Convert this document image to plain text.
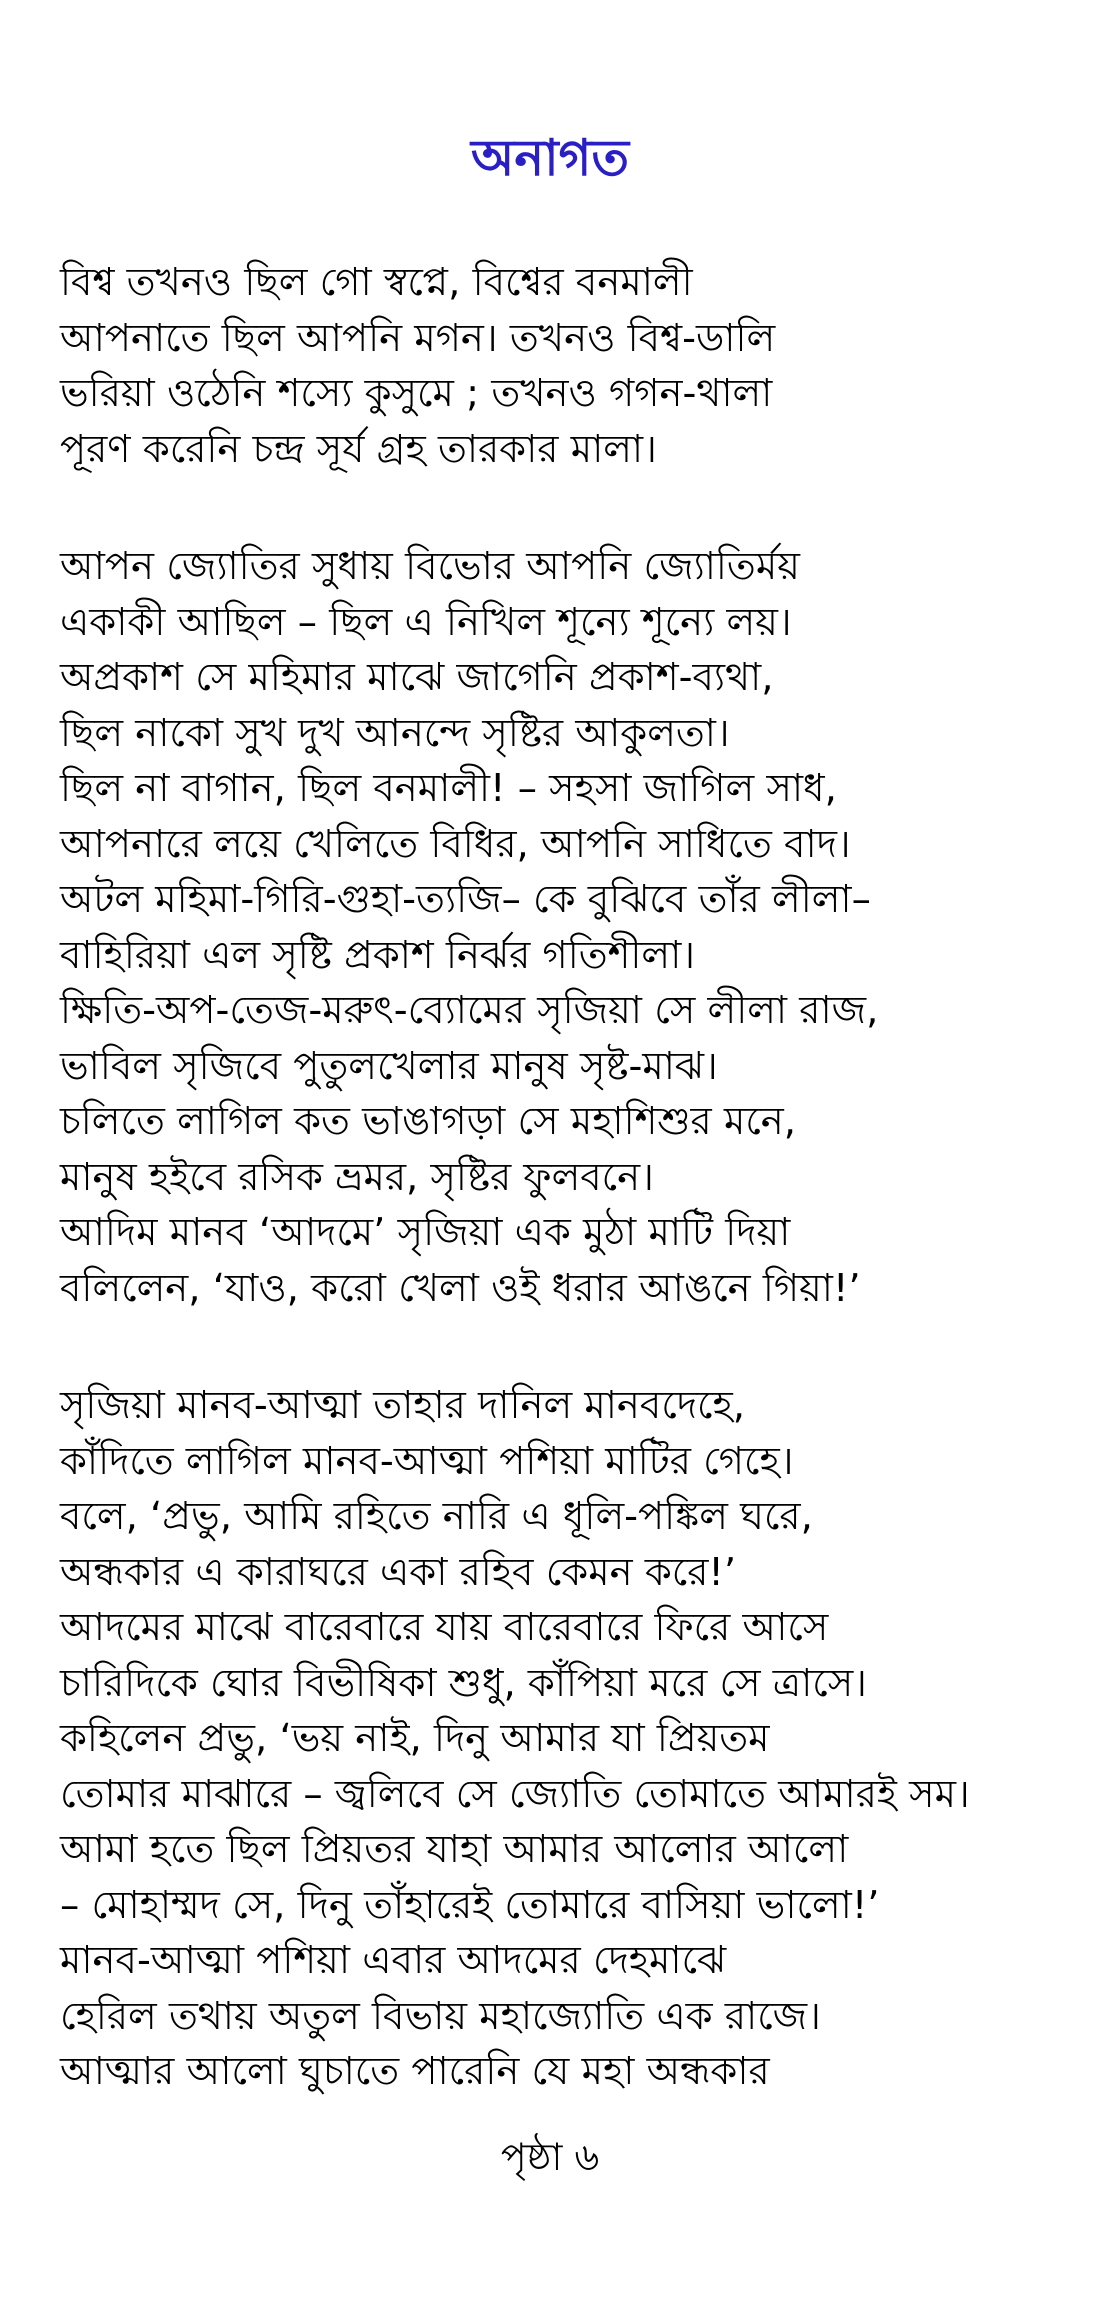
অনাগত
বিশ্ব তখনও ছিল গো স্বপ্নে, বিশ্বের বনমালী
আপনাতে ছিল আপনি মগন। তখনও বিশ্ব-ডালি
ভরিয়া ওঠেনি শস্যে কুসুমে ; তখনও গগন-থালা
পূরণ করেনি চন্দ্র সূর্য গ্রহ তারকার মালা।
আপন জ্যোতির সুধায় বিভোর আপনি জ্যোতির্ময়
একাকী আছিল – ছিল এ নিখিল শূন্যে শূন্যে লয়।
অপ্রকাশ সে মহিমার মাঝে জাগেনি প্রকাশ-ব্যথা,
ছিল নাকো সুখ দুখ আনন্দে সৃষ্টির আকুলতা।
ছিল না বাগান, ছিল বনমালী! – সহসা জাগিল সাধ,
আপনারে লয়ে খেলিতে বিধির, আপনি সাধিতে বাদ।
অটল মহিমা-গিরি-গুহা-ত্যজি– কে বুঝিবে তাঁর লীলা–
বাহিরিয়া এল সৃষ্টি প্রকাশ নির্ঝর গতিশীলা।
ক্ষিতি-অপ-তেজ-মরুৎ-ব্যোমের সৃজিয়া সে লীলা রাজ,
ভাবিল সৃজিবে পুতুলখেলার মানুষ সৃষ্ট-মাঝ।
চলিতে লাগিল কত ভাঙাগড়া সে মহাশিশুর মনে,
মানুষ হইবে রসিক ভ্রমর, সৃষ্টির ফুলবনে।
আদিম মানব ‘আদমে’ সৃজিয়া এক মুঠা মাটি দিয়া
বলিলেন, ‘যাও, করো খেলা ওই ধরার আঙনে গিয়া!’
সৃজিয়া মানব-আত্মা তাহার দানিল মানবদেহে,
কাঁদিতে লাগিল মানব-আত্মা পশিয়া মাটির গেহে।
বলে, ‘প্রভু, আমি রহিতে নারি এ ধূলি-পঙ্কিল ঘরে,
অন্ধকার এ কারাঘরে একা রহিব কেমন করে!’
আদমের মাঝে বারেবারে যায় বারেবারে ফিরে আসে
চারিদিকে ঘোর বিভীষিকা শুধু, কাঁপিয়া মরে সে ত্রাসে।
কহিলেন প্রভু, ‘ভয় নাই, দিনু আমার যা প্রিয়তম
তোমার মাঝারে – জ্বলিবে সে জ্যোতি তোমাতে আমারই সম।
আমা হতে ছিল প্রিয়তর যাহা আমার আলোর আলো
– মোহাম্মদ সে, দিনু তাঁহারেই তোমারে বাসিয়া ভালো!’
মানব-আত্মা পশিয়া এবার আদমের দেহমাঝে
হেরিল তথায় অতুল বিভায় মহাজ্যোতি এক রাজে।
আত্মার আলো ঘুচাতে পারেনি যে মহা অন্ধকার
পৃষ্ঠা ৬
